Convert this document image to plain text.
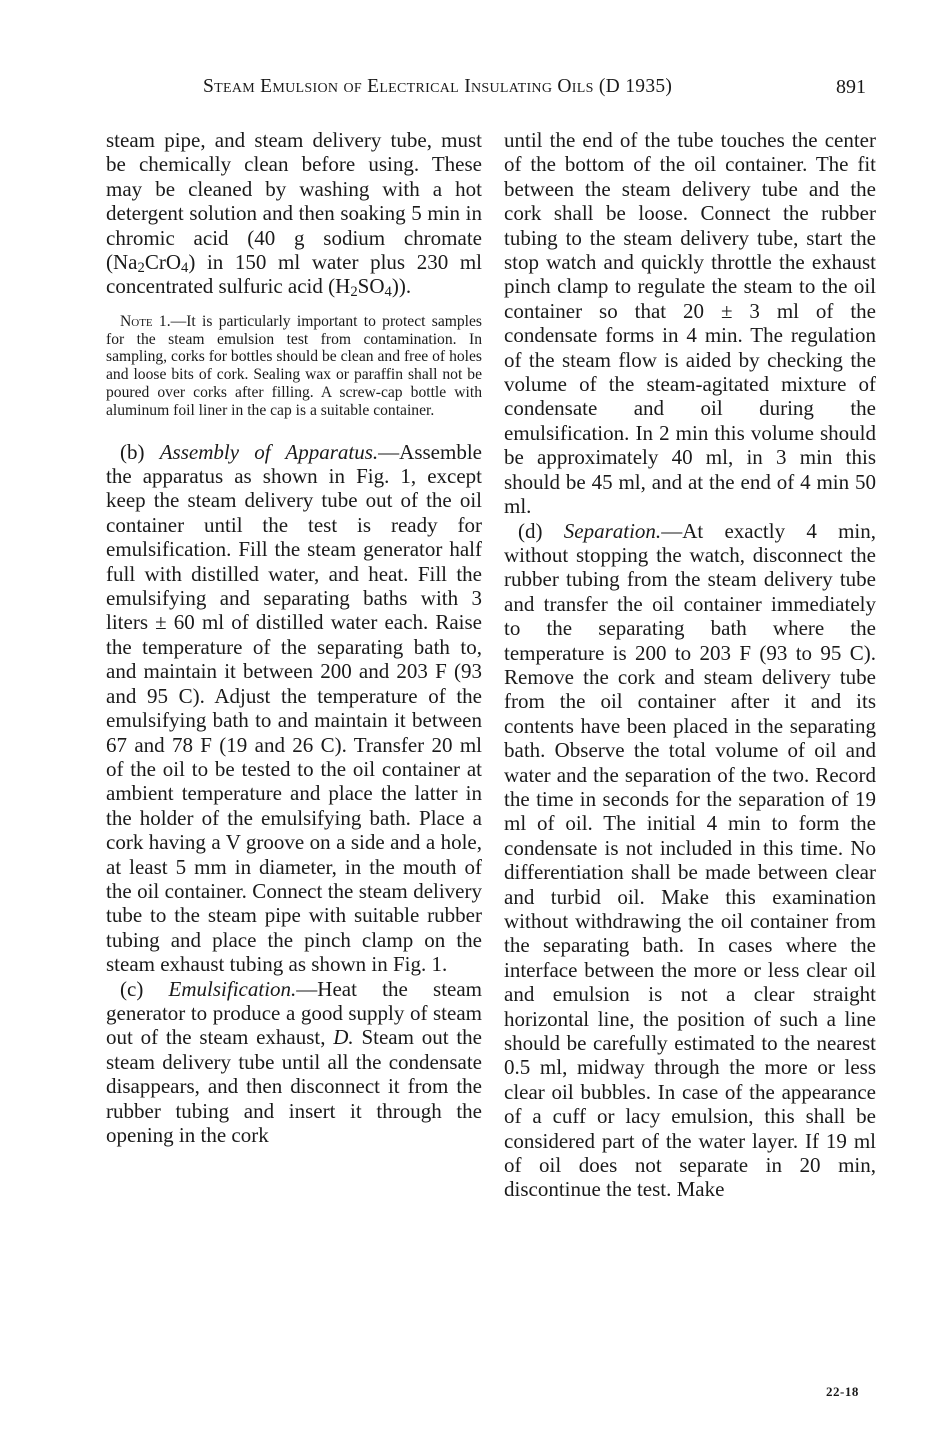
Steam Emulsion of Electrical Insulating Oils (D 1935)	891

steam pipe, and steam delivery tube, must be chemically clean before using. These may be cleaned by washing with a hot detergent solution and then soaking 5 min in chromic acid (40 g sodium chromate $(Na_2CrO_4)$ in 150 ml water plus 230 ml concentrated sulfuric acid $(H_2SO_4)$).

Note 1.—It is particularly important to protect samples for the steam emulsion test from contamination. In sampling, corks for bottles should be clean and free of holes and loose bits of cork. Sealing wax or paraffin shall not be poured over corks after filling. A screw-cap bottle with aluminum foil liner in the cap is a suitable container.

(b) Assembly of Apparatus.—Assemble the apparatus as shown in Fig. 1, except keep the steam delivery tube out of the oil container until the test is ready for emulsification. Fill the steam generator half full with distilled water, and heat. Fill the emulsifying and separating baths with 3 liters ± 60 ml of distilled water each. Raise the temperature of the separating bath to, and maintain it between 200 and 203 F (93 and 95 C). Adjust the temperature of the emulsifying bath to and maintain it between 67 and 78 F (19 and 26 C). Transfer 20 ml of the oil to be tested to the oil container at ambient temperature and place the latter in the holder of the emulsifying bath. Place a cork having a V groove on a side and a hole, at least 5 mm in diameter, in the mouth of the oil container. Connect the steam delivery tube to the steam pipe with suitable rubber tubing and place the pinch clamp on the steam exhaust tubing as shown in Fig. 1.

(c) Emulsification.—Heat the steam generator to produce a good supply of steam out of the steam exhaust, D. Steam out the steam delivery tube until all the condensate disappears, and then disconnect it from the rubber tubing and insert it through the opening in the cork

until the end of the tube touches the center of the bottom of the oil container. The fit between the steam delivery tube and the cork shall be loose. Connect the rubber tubing to the steam delivery tube, start the stop watch and quickly throttle the exhaust pinch clamp to regulate the steam to the oil container so that 20 ± 3 ml of the condensate forms in 4 min. The regulation of the steam flow is aided by checking the volume of the steam-agitated mixture of condensate and oil during the emulsification. In 2 min this volume should be approximately 40 ml, in 3 min this should be 45 ml, and at the end of 4 min 50 ml.

(d) Separation.—At exactly 4 min, without stopping the watch, disconnect the rubber tubing from the steam delivery tube and transfer the oil container immediately to the separating bath where the temperature is 200 to 203 F (93 to 95 C). Remove the cork and steam delivery tube from the oil container after it and its contents have been placed in the separating bath. Observe the total volume of oil and water and the separation of the two. Record the time in seconds for the separation of 19 ml of oil. The initial 4 min to form the condensate is not included in this time. No differentiation shall be made between clear and turbid oil. Make this examination without withdrawing the oil container from the separating bath. In cases where the interface between the more or less clear oil and emulsion is not a clear straight horizontal line, the position of such a line should be carefully estimated to the nearest 0.5 ml, midway through the more or less clear oil bubbles. In case of the appearance of a cuff or lacy emulsion, this shall be considered part of the water layer. If 19 ml of oil does not separate in 20 min, discontinue the test. Make

22-18
